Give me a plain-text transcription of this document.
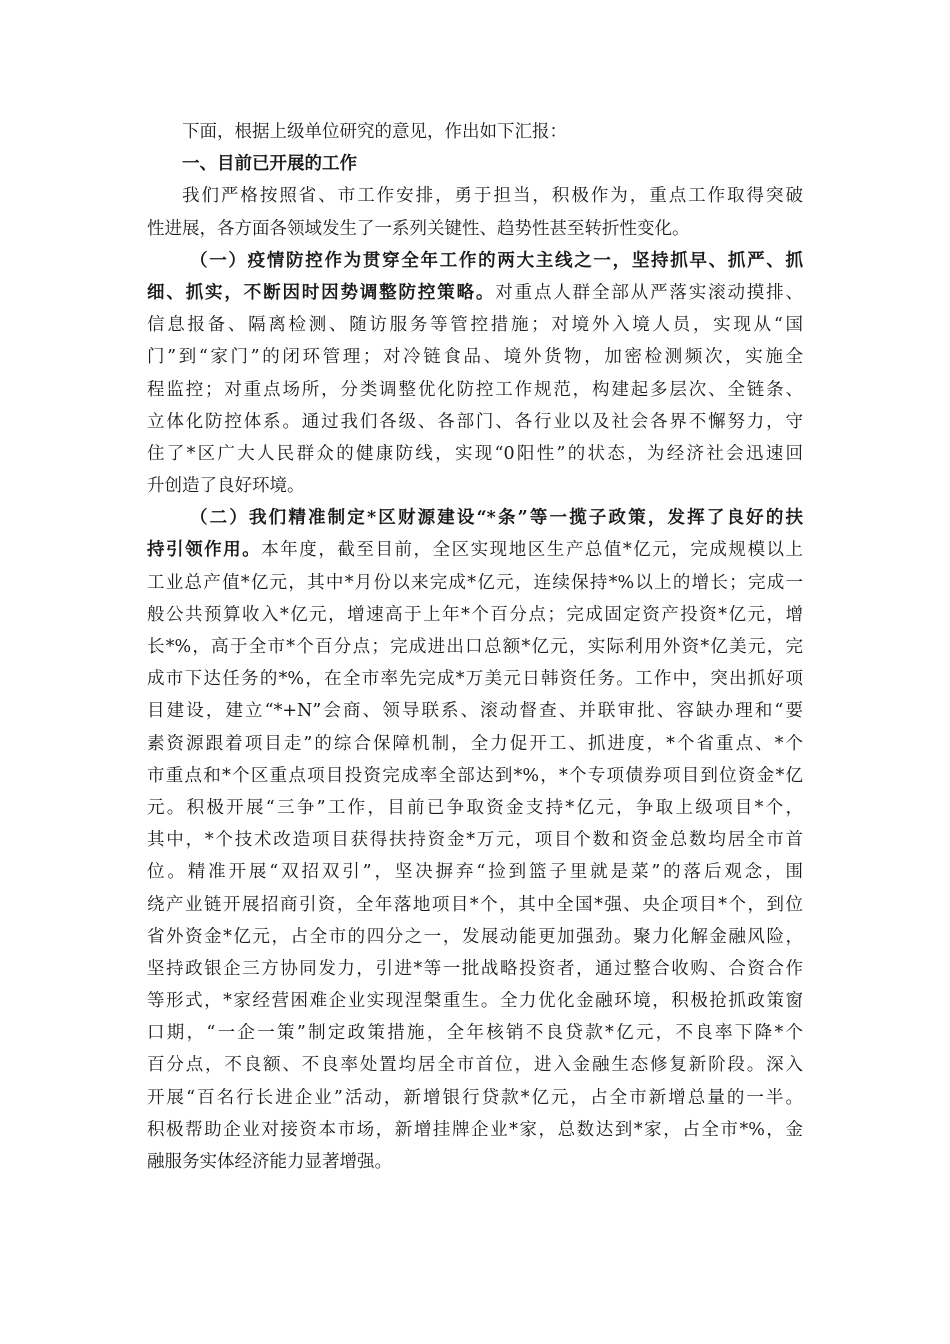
下面，根据上级单位研究的意见，作出如下汇报：
一、目前已开展的工作
我们严格按照省、市工作安排，勇于担当，积极作为，重点工作取得突破
性进展，各方面各领域发生了一系列关键性、趋势性甚至转折性变化。
（一）疫情防控作为贯穿全年工作的两大主线之一，坚持抓早、抓严、抓
细、抓实，不断因时因势调整防控策略。对重点人群全部从严落实滚动摸排、
信息报备、隔离检测、随访服务等管控措施；对境外入境人员，实现从“国
门”到“家门”的闭环管理；对冷链食品、境外货物，加密检测频次，实施全
程监控；对重点场所，分类调整优化防控工作规范，构建起多层次、全链条、
立体化防控体系。通过我们各级、各部门、各行业以及社会各界不懈努力，守
住了*区广大人民群众的健康防线，实现“0阳性”的状态，为经济社会迅速回
升创造了良好环境。
（二）我们精准制定*区财源建设“*条”等一揽子政策，发挥了良好的扶
持引领作用。本年度，截至目前，全区实现地区生产总值*亿元，完成规模以上
工业总产值*亿元，其中*月份以来完成*亿元，连续保持*%以上的增长；完成一
般公共预算收入*亿元，增速高于上年*个百分点；完成固定资产投资*亿元，增
长*%，高于全市*个百分点；完成进出口总额*亿元，实际利用外资*亿美元，完
成市下达任务的*%，在全市率先完成*万美元日韩资任务。工作中，突出抓好项
目建设，建立“*+N”会商、领导联系、滚动督查、并联审批、容缺办理和“要
素资源跟着项目走”的综合保障机制，全力促开工、抓进度，*个省重点、*个
市重点和*个区重点项目投资完成率全部达到*%，*个专项债券项目到位资金*亿
元。积极开展“三争”工作，目前已争取资金支持*亿元，争取上级项目*个，
其中，*个技术改造项目获得扶持资金*万元，项目个数和资金总数均居全市首
位。精准开展“双招双引”，坚决摒弃“捡到篮子里就是菜”的落后观念，围
绕产业链开展招商引资，全年落地项目*个，其中全国*强、央企项目*个，到位
省外资金*亿元，占全市的四分之一，发展动能更加强劲。聚力化解金融风险，
坚持政银企三方协同发力，引进*等一批战略投资者，通过整合收购、合资合作
等形式，*家经营困难企业实现涅槃重生。全力优化金融环境，积极抢抓政策窗
口期，“一企一策”制定政策措施，全年核销不良贷款*亿元，不良率下降*个
百分点，不良额、不良率处置均居全市首位，进入金融生态修复新阶段。深入
开展“百名行长进企业”活动，新增银行贷款*亿元，占全市新增总量的一半。
积极帮助企业对接资本市场，新增挂牌企业*家，总数达到*家，占全市*%，金
融服务实体经济能力显著增强。
